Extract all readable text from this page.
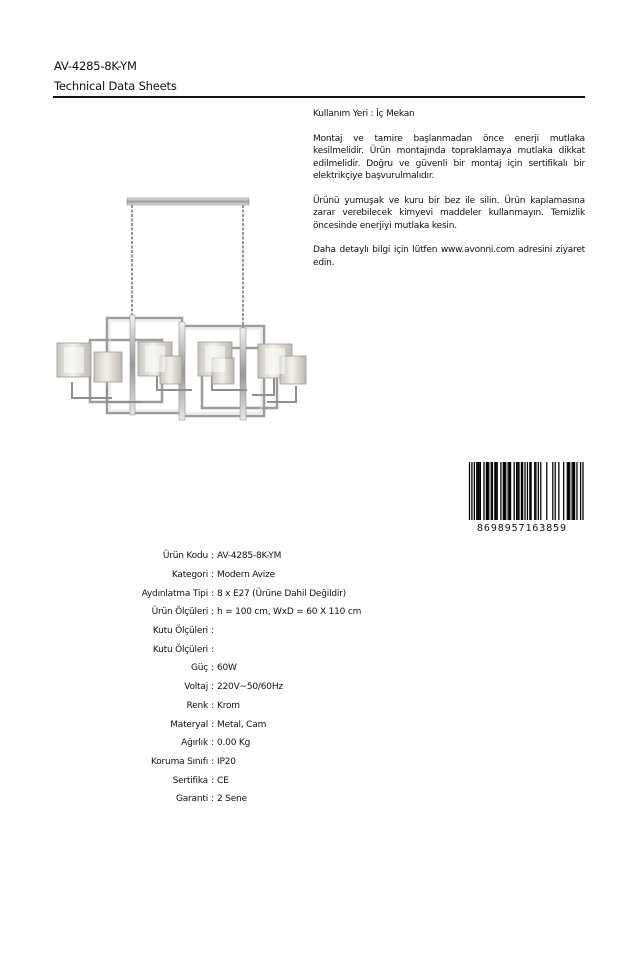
AV-4285-8K-YM
Technical Data Sheets

Kullanım Yeri : İç Mekan

Montaj ve tamire başlanmadan önce enerji mutlaka kesilmelidir. Ürün montajında topraklamaya mutlaka dikkat edilmelidir. Doğru ve güvenli bir montaj için sertifikalı bir elektrikçiye başvurulmalıdır.

Ürünü yumuşak ve kuru bir bez ile silin. Ürün kaplamasına zarar verebilecek kimyevi maddeler kullanmayın. Temizlik öncesinde enerjiyi mutlaka kesin.

Daha detaylı bilgi için lütfen www.avonni.com adresini ziyaret edin.

8698957163859
Ürün Kodu : AV-4285-8K-YM
Kategori : Modern Avize
Aydınlatma Tipi : 8 x E27 (Ürüne Dahil Değildir)
Ürün Ölçüleri : h = 100 cm, WxD = 60 X 110 cm
Kutu Ölçüleri :
Kutu Ölçüleri :
Güç : 60W
Voltaj : 220V~50/60Hz
Renk : Krom
Materyal : Metal, Cam
Ağırlık : 0.00 Kg
Koruma Sınıfı : IP20
Sertifika : CE
Garanti : 2 Sene
